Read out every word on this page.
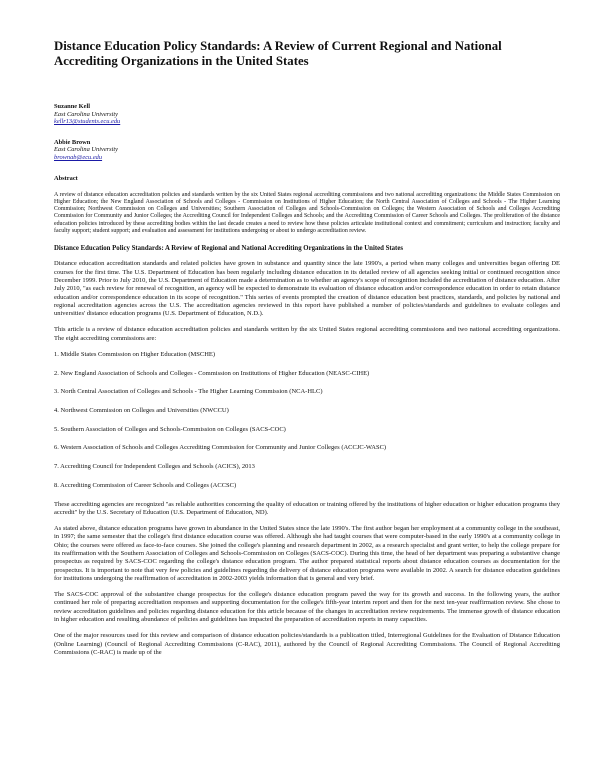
Distance Education Policy Standards: A Review of Current Regional and National Accrediting Organizations in the United States
Suzanne Kell
East Carolina University
kellr13@students.ecu.edu
Abbie Brown
East Carolina University
brownab@ecu.edu
Abstract

A review of distance education accreditation policies and standards written by the six United States regional accrediting commissions and two national accrediting organizations: the Middle States Commission on Higher Education; the New England Association of Schools and Colleges - Commission on Institutions of Higher Education; the North Central Association of Colleges and Schools - The Higher Learning Commission; Northwest Commission on Colleges and Universities; Southern Association of Colleges and Schools-Commission on Colleges; the Western Association of Schools and Colleges Accrediting Commission for Community and Junior Colleges; the Accrediting Council for Independent Colleges and Schools; and the Accrediting Commission of Career Schools and Colleges. The proliferation of the distance education policies introduced by these accrediting bodies within the last decade creates a need to review how these policies articulate institutional context and commitment; curriculum and instruction; faculty and faculty support; student support; and evaluation and assessment for institutions undergoing or about to undergo accreditation review.

Distance Education Policy Standards: A Review of Regional and National Accrediting Organizations in the United States

Distance education accreditation standards and related policies have grown in substance and quantity since the late 1990's, a period when many colleges and universities began offering DE courses for the first time. The U.S. Department of Education has been regularly including distance education in its detailed review of all agencies seeking initial or continued recognition since December 1999. Prior to July 2010, the U.S. Department of Education made a determination as to whether an agency's scope of recognition included the accreditation of distance education. After July 2010, "as each review for renewal of recognition, an agency will be expected to demonstrate its evaluation of distance education and/or correspondence education in order to retain distance education and/or correspondence education in its scope of recognition." This series of events prompted the creation of distance education best practices, standards, and policies by national and regional accreditation agencies across the U.S. The accreditation agencies reviewed in this report have published a number of policies/standards and guidelines to evaluate colleges and universities' distance education programs (U.S. Department of Education, N.D.).

This article is a review of distance education accreditation policies and standards written by the six United States regional accrediting commissions and two national accrediting organizations. The eight accrediting commissions are:

1. Middle States Commission on Higher Education (MSCHE)
2. New England Association of Schools and Colleges - Commission on Institutions of Higher Education (NEASC-CIHE)
3. North Central Association of Colleges and Schools - The Higher Learning Commission (NCA-HLC)
4. Northwest Commission on Colleges and Universities (NWCCU)
5. Southern Association of Colleges and Schools-Commission on Colleges (SACS-COC)
6. Western Association of Schools and Colleges Accrediting Commission for Community and Junior Colleges (ACCJC-WASC)
7. Accrediting Council for Independent Colleges and Schools (ACICS), 2013
8. Accrediting Commission of Career Schools and Colleges (ACCSC)

These accrediting agencies are recognized "as reliable authorities concerning the quality of education or training offered by the institutions of higher education or higher education programs they accredit" by the U.S. Secretary of Education (U.S. Department of Education, ND).

As stated above, distance education programs have grown in abundance in the United States since the late 1990's. The first author began her employment at a community college in the southeast, in 1997; the same semester that the college's first distance education course was offered. Although she had taught courses that were computer-based in the early 1990's at a community college in Ohio; the courses were offered as face-to-face courses. She joined the college's planning and research department in 2002, as a research specialist and grant writer, to help the college prepare for its reaffirmation with the Southern Association of Colleges and Schools-Commission on Colleges (SACS-COC). During this time, the head of her department was preparing a substantive change prospectus as required by SACS-COC regarding the college's distance education program. The author prepared statistical reports about distance education courses as documentation for the prospectus. It is important to note that very few policies and guidelines regarding the delivery of distance education programs were available in 2002. A search for distance education guidelines for institutions undergoing the reaffirmation of accreditation in 2002-2003 yields information that is general and very brief.

The SACS-COC approval of the substantive change prospectus for the college's distance education program paved the way for its growth and success. In the following years, the author continued her role of preparing accreditation responses and supporting documentation for the college's fifth-year interim report and then for the next ten-year reaffirmation review. She chose to review accreditation guidelines and policies regarding distance education for this article because of the changes in accreditation review requirements. The immense growth of distance education in higher education and resulting abundance of policies and guidelines has impacted the preparation of accreditation reports in many capacities.

One of the major resources used for this review and comparison of distance education policies/standards is a publication titled, Interregional Guidelines for the Evaluation of Distance Education (Online Learning) (Council of Regional Accrediting Commissions (C-RAC), 2011), authored by the Council of Regional Accrediting Commissions. The Council of Regional Accrediting Commissions (C-RAC) is made up of the
